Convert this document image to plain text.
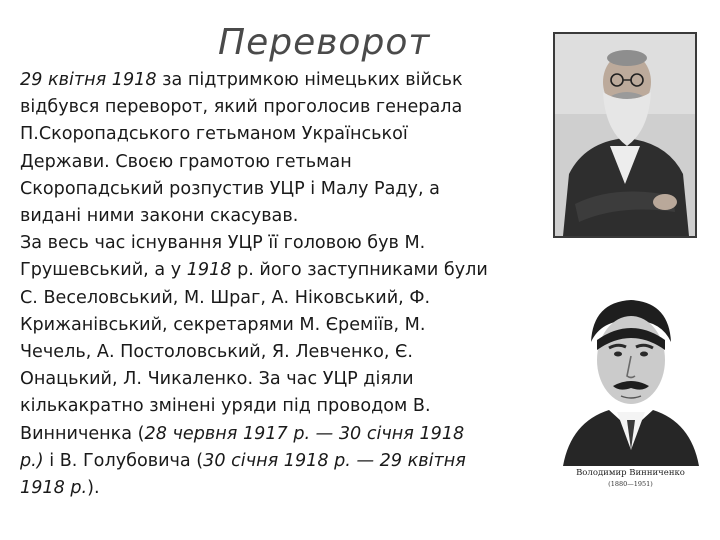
Переворот
29 квітня 1918 за підтримкою німецьких військ
відбувся переворот, який проголосив генерала
П.Скоропадського гетьманом Української
Держави. Своєю грамотою гетьман
Скоропадський розпустив УЦР і Малу Раду, а
видані ними закони скасував.
За весь час існування УЦР її головою був М.
Грушевський, а у 1918 р. його заступниками були
С. Веселовський, М. Шраг, А. Ніковський, Ф.
Крижанівський, секретарями М. Єреміїв, М.
Чечель, А. Постоловський, Я. Левченко, Є.
Онацький, Л. Чикаленко. За час УЦР діяли
кількакратно змінені уряди під проводом В.
Винниченка (28 червня 1917 р. — 30 січня 1918
р.) і В. Голубовича (30 січня 1918 р. — 29 квітня
1918 р.).
Володимир Винниченко
(1880—1951)
